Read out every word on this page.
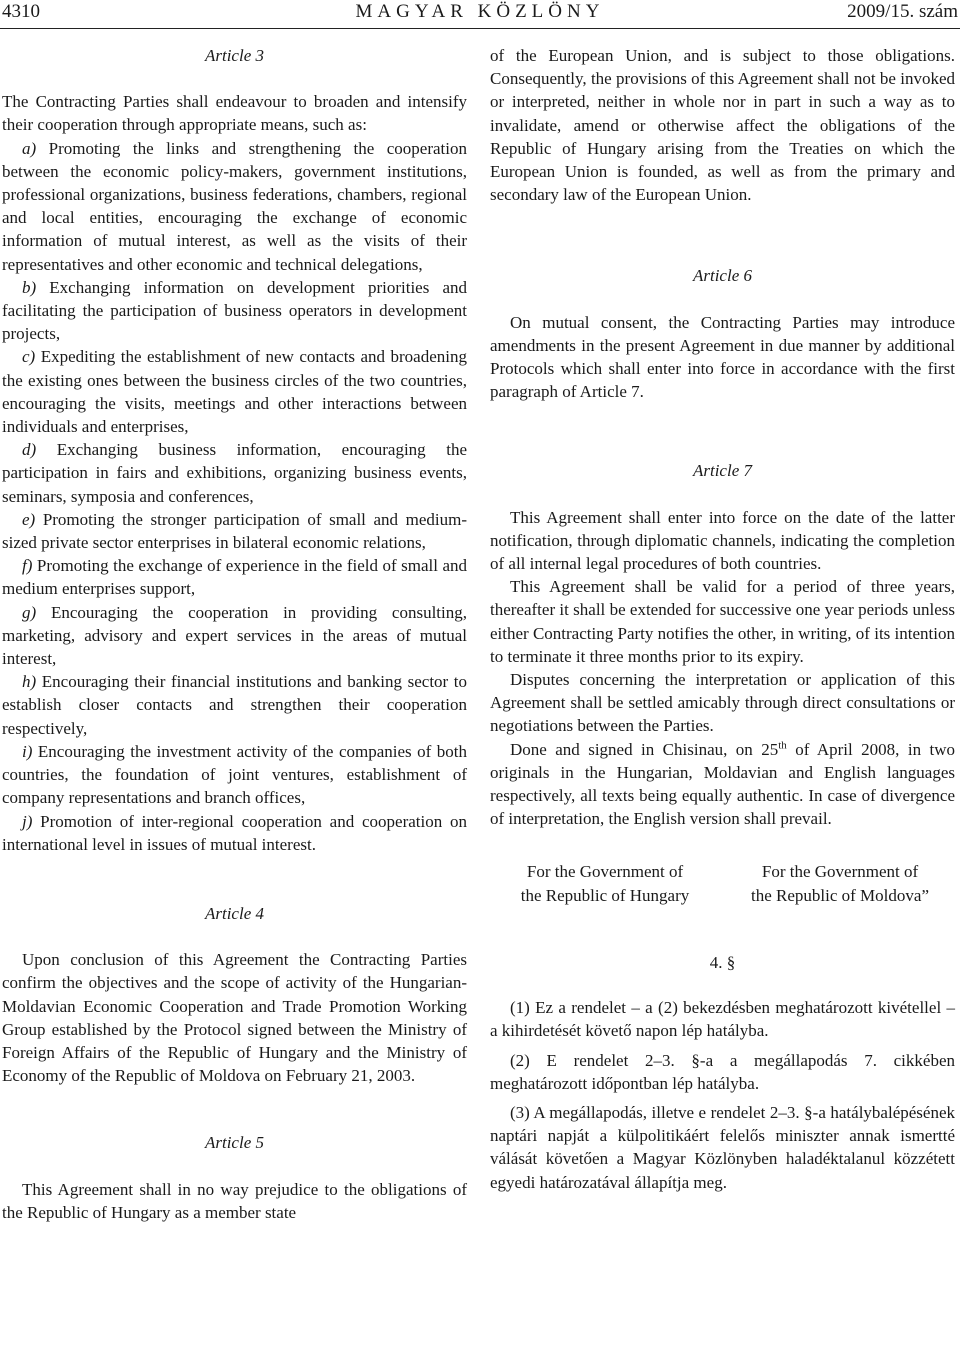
4310	MAGYAR KÖZLÖNY	2009/15. szám
Article 3

The Contracting Parties shall endeavour to broaden and intensify their cooperation through appropriate means, such as:

a) Promoting the links and strengthening the cooperation between the economic policy-makers, government institutions, professional organizations, business federations, chambers, regional and local entities, encouraging the exchange of economic information of mutual interest, as well as the visits of their representatives and other economic and technical delegations,

b) Exchanging information on development priorities and facilitating the participation of business operators in development projects,

c) Expediting the establishment of new contacts and broadening the existing ones between the business circles of the two countries, encouraging the visits, meetings and other interactions between individuals and enterprises,

d) Exchanging business information, encouraging the participation in fairs and exhibitions, organizing business events, seminars, symposia and conferences,

e) Promoting the stronger participation of small and medium-sized private sector enterprises in bilateral economic relations,

f) Promoting the exchange of experience in the field of small and medium enterprises support,

g) Encouraging the cooperation in providing consulting, marketing, advisory and expert services in the areas of mutual interest,

h) Encouraging their financial institutions and banking sector to establish closer contacts and strengthen their cooperation respectively,

i) Encouraging the investment activity of the companies of both countries, the foundation of joint ventures, establishment of company representations and branch offices,

j) Promotion of inter-regional cooperation and cooperation on international level in issues of mutual interest.

Article 4

Upon conclusion of this Agreement the Contracting Parties confirm the objectives and the scope of activity of the Hungarian-Moldavian Economic Cooperation and Trade Promotion Working Group established by the Protocol signed between the Ministry of Foreign Affairs of the Republic of Hungary and the Ministry of Economy of the Republic of Moldova on February 21, 2003.

Article 5

This Agreement shall in no way prejudice to the obligations of the Republic of Hungary as a member state

of the European Union, and is subject to those obligations. Consequently, the provisions of this Agreement shall not be invoked or interpreted, neither in whole nor in part in such a way as to invalidate, amend or otherwise affect the obligations of the Republic of Hungary arising from the Treaties on which the European Union is founded, as well as from the primary and secondary law of the European Union.

Article 6

On mutual consent, the Contracting Parties may introduce amendments in the present Agreement in due manner by additional Protocols which shall enter into force in accordance with the first paragraph of Article 7.

Article 7

This Agreement shall enter into force on the date of the latter notification, through diplomatic channels, indicating the completion of all internal legal procedures of both countries.

This Agreement shall be valid for a period of three years, thereafter it shall be extended for successive one year periods unless either Contracting Party notifies the other, in writing, of its intention to terminate it three months prior to its expiry.

Disputes concerning the interpretation or application of this Agreement shall be settled amicably through direct consultations or negotiations between the Parties.

Done and signed in Chisinau, on 25th of April 2008, in two originals in the Hungarian, Moldavian and English languages respectively, all texts being equally authentic. In case of divergence of interpretation, the English version shall prevail.

For the Government of
the Republic of Hungary
For the Government of
the Republic of Moldova”
4. §

(1) Ez a rendelet – a (2) bekezdésben meghatározott kivétellel – a kihirdetését követő napon lép hatályba.

(2) E rendelet 2–3. §-a a megállapodás 7. cikkében meghatározott időpontban lép hatályba.

(3) A megállapodás, illetve e rendelet 2–3. §-a hatálybalépésének naptári napját a külpolitikáért felelős miniszter annak ismertté válását követően a Magyar Közlönyben haladéktalanul közzétett egyedi határozatával állapítja meg.
